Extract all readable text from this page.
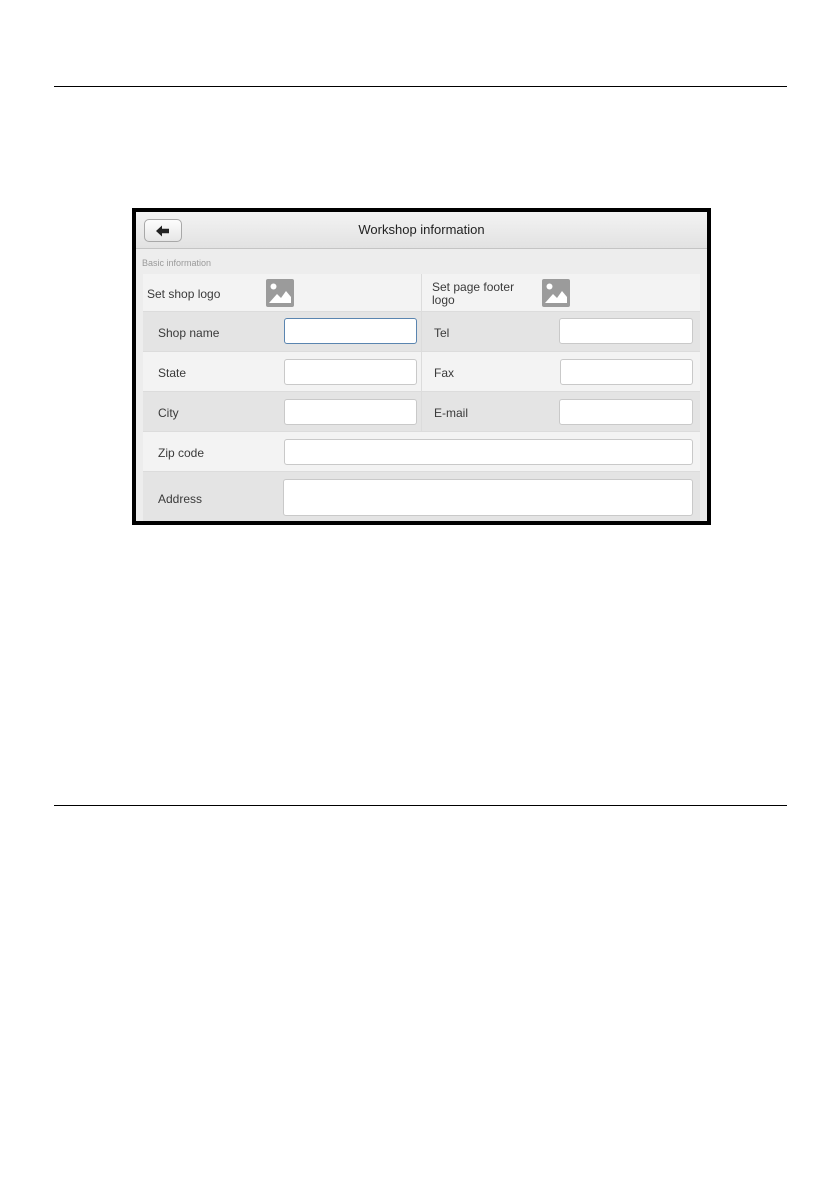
Workshop information
Basic information
Set shop logo	Set page footer
logo
Shop name	Tel
State	Fax
City	E-mail
Zip code
Address
